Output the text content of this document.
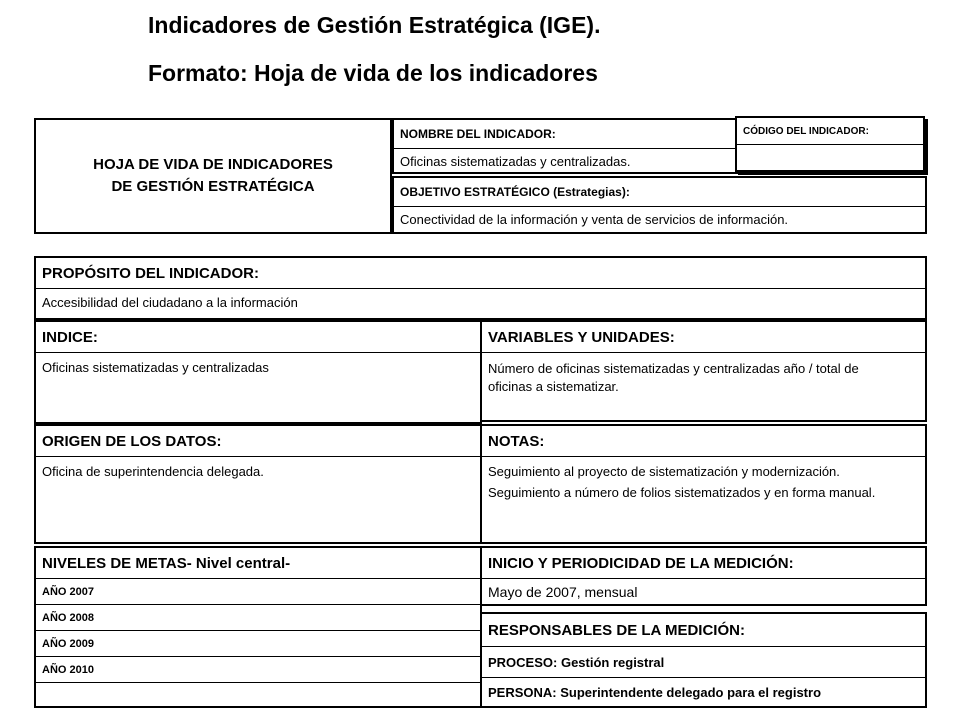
Indicadores de Gestión Estratégica (IGE).
Formato: Hoja de vida de los indicadores
HOJA DE VIDA DE INDICADORES
DE GESTIÓN ESTRATÉGICA
NOMBRE DEL INDICADOR:
Oficinas sistematizadas y centralizadas.
CÓDIGO DEL INDICADOR:
OBJETIVO ESTRATÉGICO (Estrategias):
Conectividad de la información y venta de servicios de información.
PROPÓSITO DEL INDICADOR:
Accesibilidad del ciudadano a la información
INDICE:
Oficinas sistematizadas y centralizadas
VARIABLES Y UNIDADES:
Número de oficinas sistematizadas y centralizadas año / total de oficinas a sistematizar.
ORIGEN DE LOS DATOS:
Oficina de superintendencia delegada.
NOTAS:
Seguimiento al proyecto de sistematización y modernización.
Seguimiento a número de folios sistematizados y en forma manual.
NIVELES DE METAS- Nivel central-
AÑO 2007
AÑO 2008
AÑO 2009
AÑO 2010
INICIO Y PERIODICIDAD DE LA MEDICIÓN:
Mayo de 2007, mensual
RESPONSABLES DE LA MEDICIÓN:
PROCESO: Gestión registral
PERSONA: Superintendente delegado para el registro
